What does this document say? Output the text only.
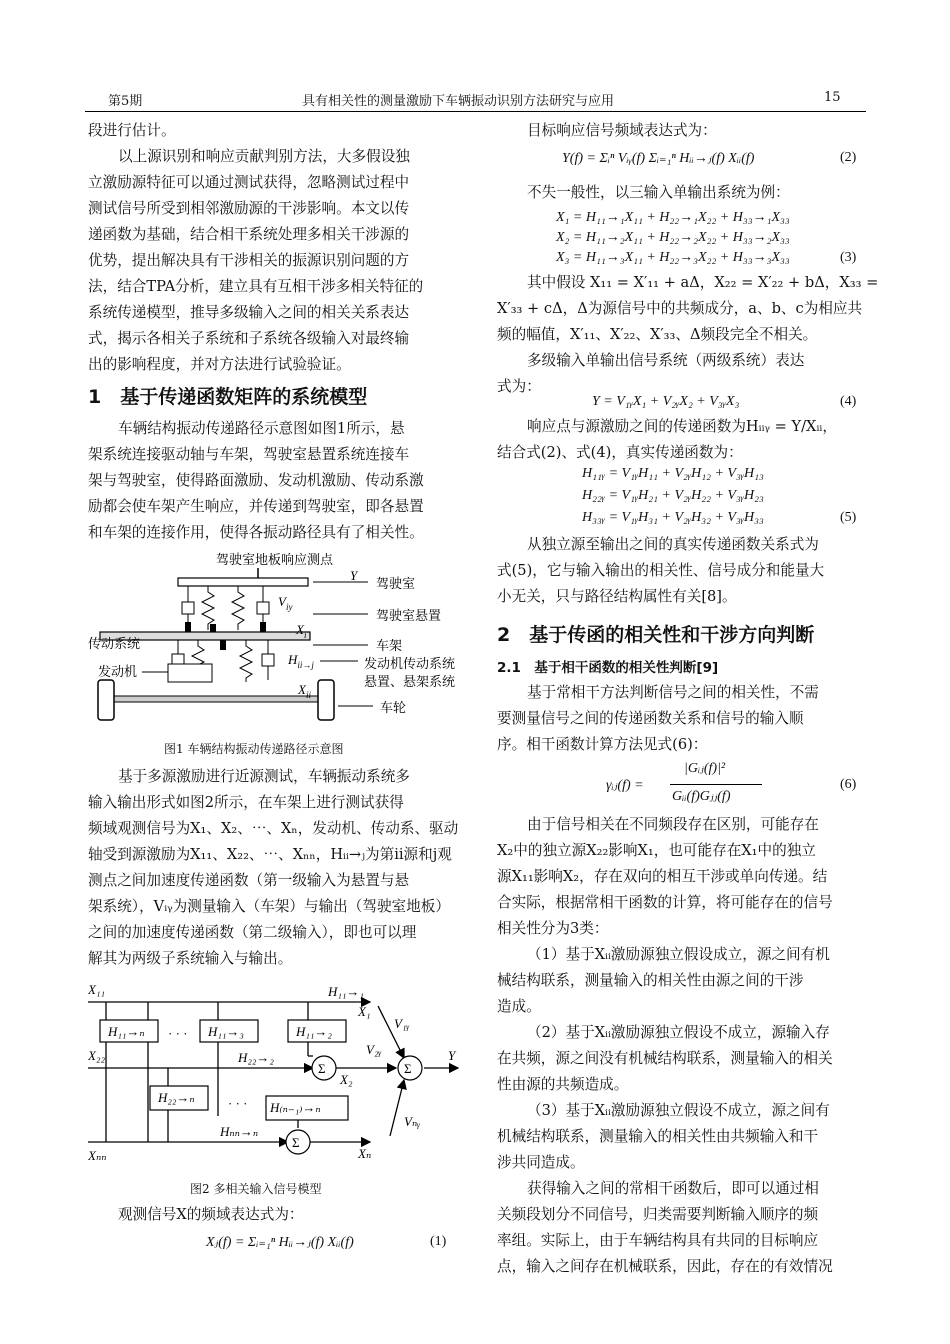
第5期	具有相关性的测量激励下车辆振动识别方法研究与应用	15
段进行估计。
以上源识别和响应贡献判别方法，大多假设独
立激励源特征可以通过测试获得，忽略测试过程中
测试信号所受到相邻激励源的干涉影响。本文以传
递函数为基础，结合相干系统处理多相关干涉源的
优势，提出解决具有干涉相关的振源识别问题的方
法，结合TPA分析，建立具有互相干涉多相关特征的
系统传递模型，推导多级输入之间的相关关系表达
式，揭示各相关子系统和子系统各级输入对最终输
出的影响程度，并对方法进行试验验证。
1　基于传递函数矩阵的系统模型
车辆结构振动传递路径示意图如图1所示，悬
架系统连接驱动轴与车架，驾驶室悬置系统连接车
架与驾驶室，使得路面激励、发动机激励、传动系激
励都会使车架产生响应，并传递到驾驶室，即各悬置
和车架的连接作用，使得各振动路径具有了相关性。
驾驶室地板响应测点
Y
驾驶室
$V_{iy}$
驾驶室悬置
$X_i$
车架
传动系统
$H_{ii\to j}$	发动机传动系统
悬置、悬架系统
发动机
$X_{ii}$
车轮
图1 车辆结构振动传递路径示意图
基于多源激励进行近源测试，车辆振动系统多
输入输出形式如图2所示，在车架上进行测试获得
频域观测信号为X₁、X₂、⋯、Xₙ，发动机、传动系、驱动
轴受到源激励为X₁₁、X₂₂、⋯、Xₙₙ，Hᵢᵢ→ⱼ为第ii源和j观
测点之间加速度传递函数（第一级输入为悬置与悬
架系统），Vᵢᵧ为测量输入（车架）与输出（驾驶室地板）
之间的加速度传递函数（第二级输入），即也可以理
解其为两级子系统输入与输出。
X₁₁
X₂₂
Xₙₙ
H₁₁→ₙ	H₁₁→₃	H₁₁→₂
H₁₁→₁
H₂₂→₂
H₂₂→ₙ
H₍ₙ₋₁₎→ₙ
Hₙₙ→ₙ
X₁
X₂
Xₙ
V₁ᵧ
V₂ᵧ
Vₙᵧ
Y
Σ
Σ
Σ
· · ·
· · ·
图2 多相关输入信号模型
观测信号X的频域表达式为：
Xⱼ(f) = Σᵢ₌₁ⁿ Hᵢᵢ→ⱼ(f) Xᵢᵢ(f)	(1)
目标响应信号频域表达式为：
Y(f) = Σᵢⁿ Vᵢᵧ(f) Σᵢ₌₁ⁿ Hᵢᵢ→ⱼ(f) Xᵢᵢ(f)	(2)
不失一般性，以三输入单输出系统为例：
X₁ = H₁₁→₁X₁₁ + H₂₂→₁X₂₂ + H₃₃→₁X₃₃
X₂ = H₁₁→₂X₁₁ + H₂₂→₂X₂₂ + H₃₃→₂X₃₃
X₃ = H₁₁→₃X₁₁ + H₂₂→₃X₂₂ + H₃₃→₃X₃₃	(3)
其中假设 X₁₁ = X′₁₁ + aΔ，X₂₂ = X′₂₂ + bΔ，X₃₃ =
X′₃₃ + cΔ，Δ为源信号中的共频成分，a、b、c为相应共
频的幅值，X′₁₁、X′₂₂、X′₃₃、Δ频段完全不相关。
多级输入单输出信号系统（两级系统）表达
式为：
Y = V₁ᵧX₁ + V₂ᵧX₂ + V₃ᵧX₃	(4)
响应点与源激励之间的传递函数为Hᵢᵢᵧ = Y/Xᵢᵢ，
结合式(2)、式(4)，真实传递函数为：
H₁₁ᵧ = V₁ᵧH₁₁ + V₂ᵧH₁₂ + V₃ᵧH₁₃
H₂₂ᵧ = V₁ᵧH₂₁ + V₂ᵧH₂₂ + V₃ᵧH₂₃
H₃₃ᵧ = V₁ᵧH₃₁ + V₂ᵧH₃₂ + V₃ᵧH₃₃	(5)
从独立源至输出之间的真实传递函数关系式为
式(5)，它与输入输出的相关性、信号成分和能量大
小无关，只与路径结构属性有关[8]。
2　基于传函的相关性和干涉方向判断
2.1　基于相干函数的相关性判断[9]
基于常相干方法判断信号之间的相关性，不需
要测量信号之间的传递函数关系和信号的输入顺
序。相干函数计算方法见式(6)：
γᵢⱼ(f) =
|Gᵢⱼ(f)|²
Gᵢᵢ(f)Gⱼⱼ(f)
(6)
由于信号相关在不同频段存在区别，可能存在
X₂中的独立源X₂₂影响X₁，也可能存在X₁中的独立
源X₁₁影响X₂，存在双向的相互干涉或单向传递。结
合实际，根据常相干函数的计算，将可能存在的信号
相关性分为3类：
（1）基于Xᵢᵢ激励源独立假设成立，源之间有机
械结构联系，测量输入的相关性由源之间的干涉
造成。
（2）基于Xᵢᵢ激励源独立假设不成立，源输入存
在共频，源之间没有机械结构联系，测量输入的相关
性由源的共频造成。
（3）基于Xᵢᵢ激励源独立假设不成立，源之间有
机械结构联系，测量输入的相关性由共频输入和干
涉共同造成。
获得输入之间的常相干函数后，即可以通过相
关频段划分不同信号，归类需要判断输入顺序的频
率组。实际上，由于车辆结构具有共同的目标响应
点，输入之间存在机械联系，因此，存在的有效情况
